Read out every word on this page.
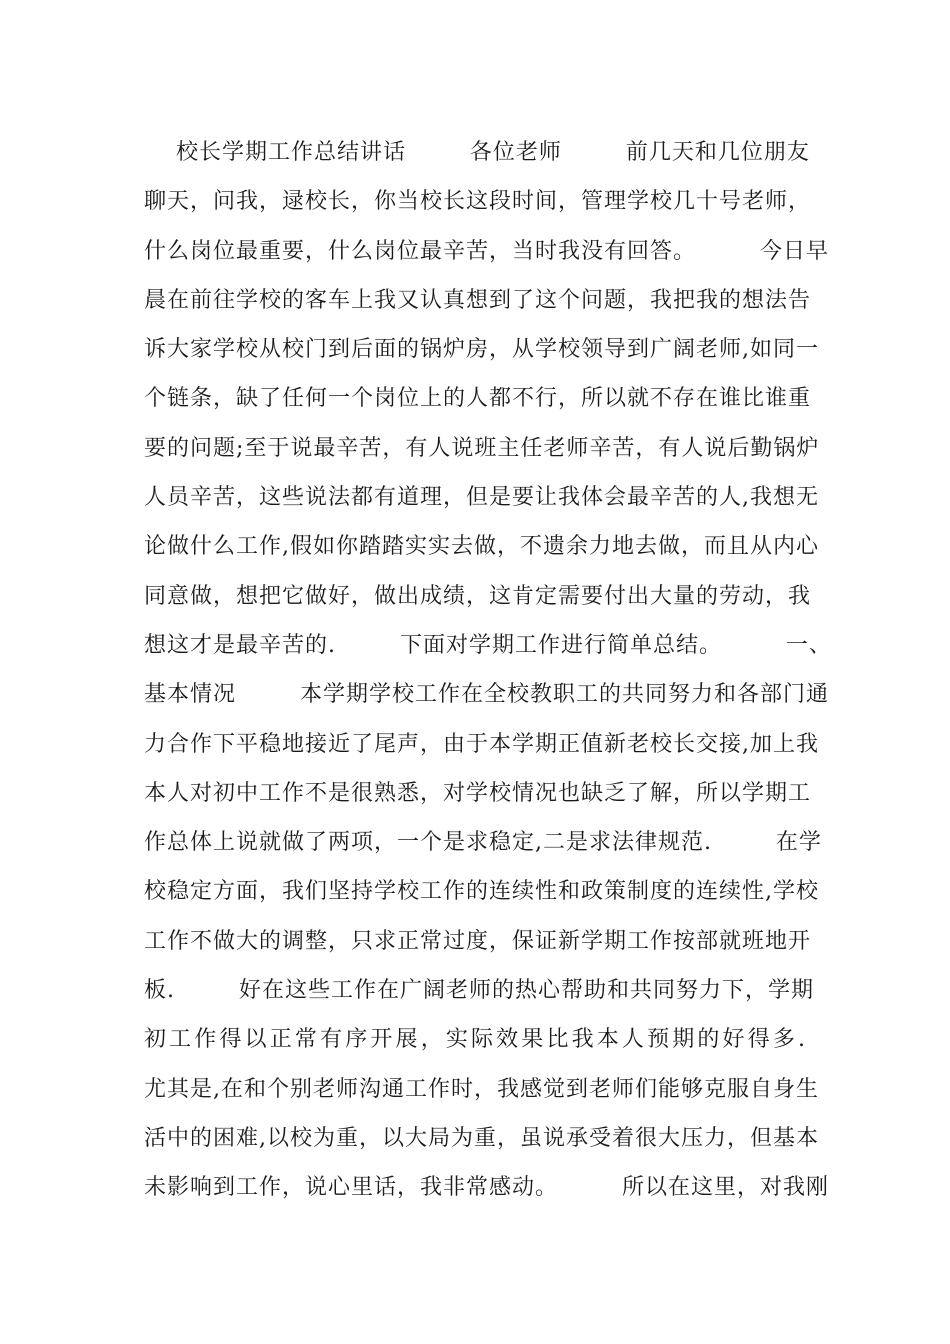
校长学期工作总结讲话        各位老师        前几天和几位朋友
聊天，问我，逯校长，你当校长这段时间，管理学校几十号老师，
什么岗位最重要，什么岗位最辛苦，当时我没有回答。        今日早
晨在前往学校的客车上我又认真想到了这个问题，我把我的想法告
诉大家学校从校门到后面的锅炉房，从学校领导到广阔老师,如同一
个链条，缺了任何一个岗位上的人都不行，所以就不存在谁比谁重
要的问题;至于说最辛苦，有人说班主任老师辛苦，有人说后勤锅炉
人员辛苦，这些说法都有道理，但是要让我体会最辛苦的人,我想无
论做什么工作,假如你踏踏实实去做，不遗余力地去做，而且从内心
同意做，想把它做好，做出成绩，这肯定需要付出大量的劳动，我
想这才是最辛苦的.        下面对学期工作进行简单总结。        一、
基本情况        本学期学校工作在全校教职工的共同努力和各部门通
力合作下平稳地接近了尾声，由于本学期正值新老校长交接,加上我
本人对初中工作不是很熟悉，对学校情况也缺乏了解，所以学期工
作总体上说就做了两项，一个是求稳定,二是求法律规范.        在学
校稳定方面，我们坚持学校工作的连续性和政策制度的连续性,学校
工作不做大的调整，只求正常过度，保证新学期工作按部就班地开
板.        好在这些工作在广阔老师的热心帮助和共同努力下，学期
初工作得以正常有序开展，实际效果比我本人预期的好得多.
尤其是,在和个别老师沟通工作时，我感觉到老师们能够克服自身生
活中的困难,以校为重，以大局为重，虽说承受着很大压力，但基本
未影响到工作，说心里话，我非常感动。        所以在这里，对我刚
